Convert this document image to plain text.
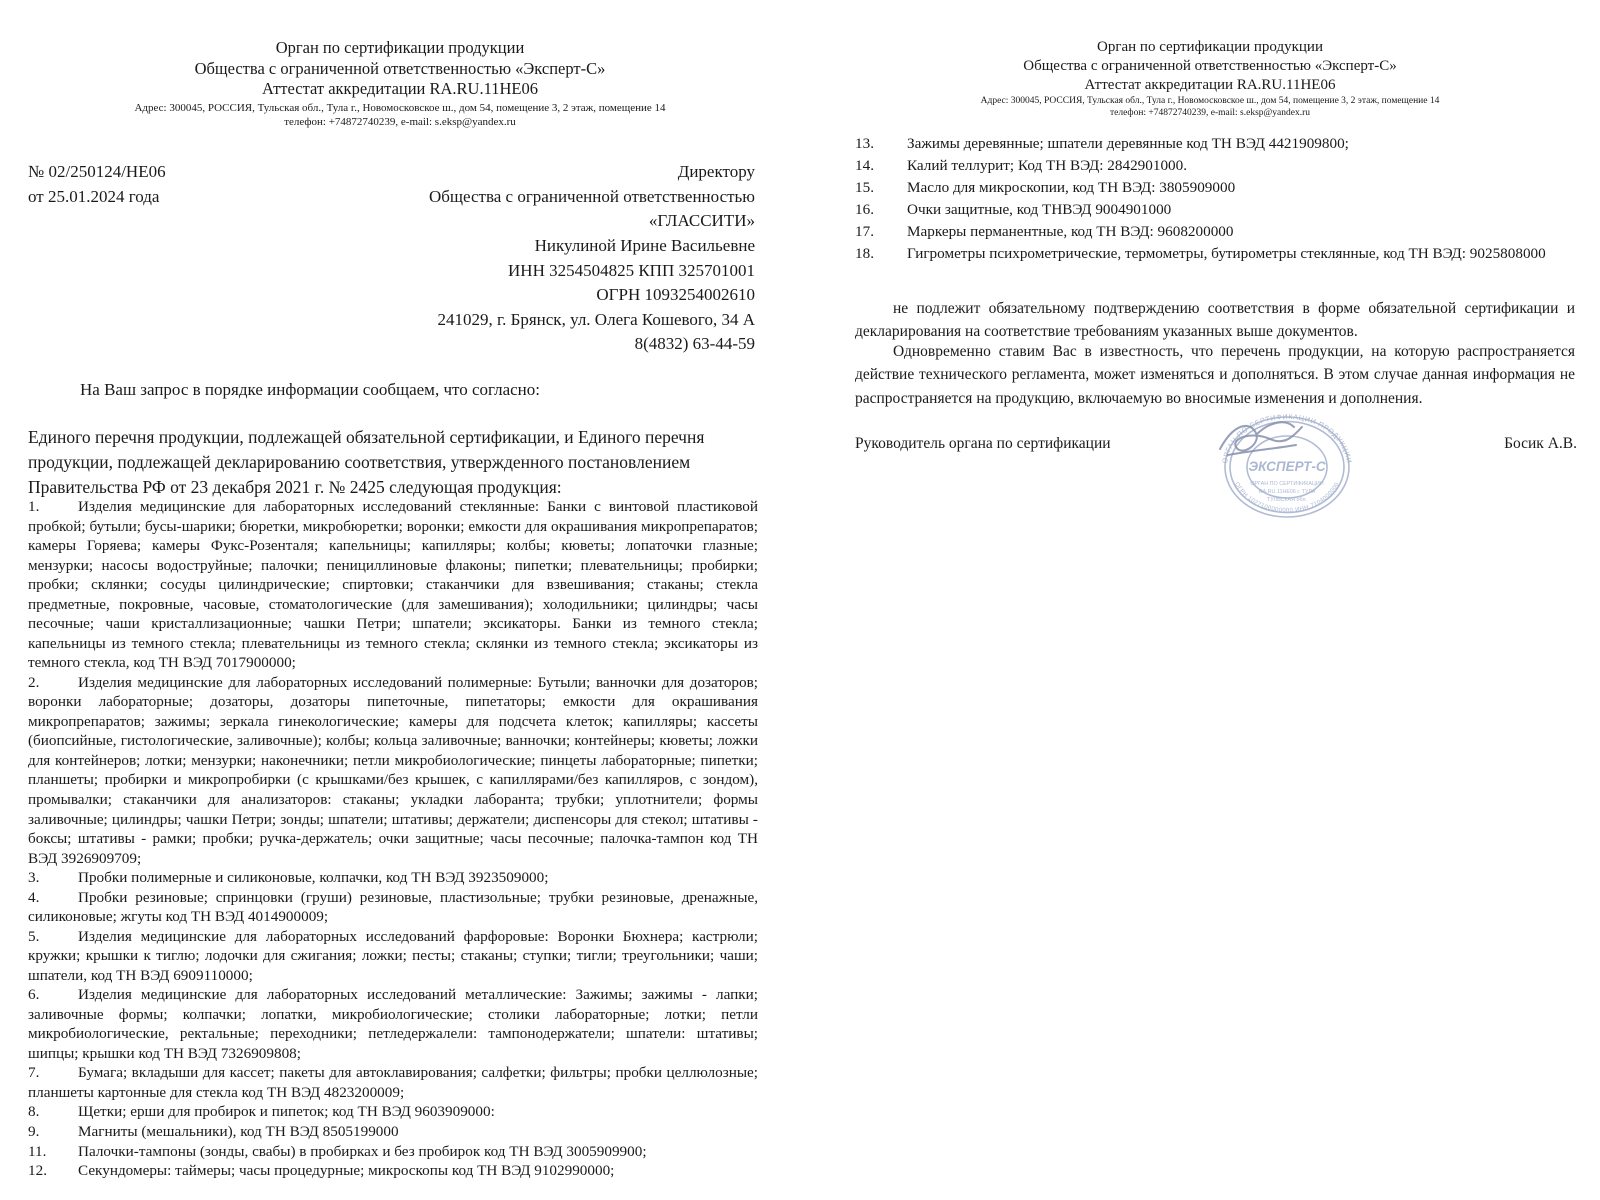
Орган по сертификации продукции
Общества с ограниченной ответственностью «Эксперт-С»
Аттестат аккредитации RA.RU.11НЕ06
Адрес: 300045, РОССИЯ, Тульская обл., Тула г., Новомосковское ш., дом 54, помещение 3, 2 этаж, помещение 14
телефон: +74872740239, e-mail: s.eksp@yandex.ru
№ 02/250124/НЕ06
от 25.01.2024 года
Директору
Общества с ограниченной ответственностью
«ГЛАССИТИ»
Никулиной Ирине Васильевне
ИНН 3254504825 КПП 325701001
ОГРН 1093254002610
241029, г. Брянск, ул. Олега Кошевого, 34 А
8(4832) 63-44-59
На Ваш запрос в порядке информации сообщаем, что согласно:
Единого перечня продукции, подлежащей обязательной сертификации, и Единого перечня продукции, подлежащей декларированию соответствия, утвержденного постановлением Правительства РФ от 23 декабря 2021 г. № 2425 следующая продукция:
1.	Изделия медицинские для лабораторных исследований стеклянные: Банки с винтовой пластиковой пробкой; бутыли; бусы-шарики; бюретки, микробюретки; воронки; емкости для окрашивания микропрепаратов; камеры Горяева; камеры Фукс-Розенталя; капельницы; капилляры; колбы; кюветы; лопаточки глазные; мензурки; насосы водоструйные; палочки; пенициллиновые флаконы; пипетки; плевательницы; пробирки; пробки; склянки; сосуды цилиндрические; спиртовки; стаканчики для взвешивания; стаканы; стекла предметные, покровные, часовые, стоматологические (для замешивания); холодильники; цилиндры; часы песочные; чаши кристаллизационные; чашки Петри; шпатели; эксикаторы. Банки из темного стекла; капельницы из темного стекла; плевательницы из темного стекла; склянки из темного стекла; эксикаторы из темного стекла, код ТН ВЭД 7017900000;
2.	Изделия медицинские для лабораторных исследований полимерные: Бутыли; ванночки для дозаторов; воронки лабораторные; дозаторы, дозаторы пипеточные, пипетаторы; емкости для окрашивания микропрепаратов; зажимы; зеркала гинекологические; камеры для подсчета клеток; капилляры; кассеты (биопсийные, гистологические, заливочные); колбы; кольца заливочные; ванночки; контейнеры; кюветы; ложки для контейнеров; лотки; мензурки; наконечники; петли микробиологические; пинцеты лабораторные; пипетки; планшеты; пробирки и микропробирки (с крышками/без крышек, с капиллярами/без капилляров, с зондом), промывалки; стаканчики для анализаторов: стаканы; укладки лаборанта; трубки; уплотнители; формы заливочные; цилиндры; чашки Петри; зонды; шпатели; штативы; держатели; диспенсоры для стекол; штативы - боксы; штативы - рамки; пробки; ручка-держатель; очки защитные; часы песочные; палочка-тампон код ТН ВЭД 3926909709;
3.	Пробки полимерные и силиконовые, колпачки, код ТН ВЭД 3923509000;
4.	Пробки резиновые; спринцовки (груши) резиновые, пластизольные; трубки резиновые, дренажные, силиконовые; жгуты код ТН ВЭД 4014900009;
5.	Изделия медицинские для лабораторных исследований фарфоровые: Воронки Бюхнера; кастрюли; кружки; крышки к тиглю; лодочки для сжигания; ложки; песты; стаканы; ступки; тигли; треугольники; чаши; шпатели, код ТН ВЭД 6909110000;
6.	Изделия медицинские для лабораторных исследований металлические: Зажимы; зажимы - лапки; заливочные формы; колпачки; лопатки, микробиологические; столики лабораторные; лотки; петли микробиологические, ректальные; переходники; петледержалели: тампонодержатели; шпатели: штативы; шипцы; крышки код ТН ВЭД 7326909808;
7.	Бумага; вкладыши для кассет; пакеты для автоклавирования; салфетки; фильтры; пробки целлюлозные; планшеты картонные для стекла код ТН ВЭД 4823200009;
8.	Щетки; ерши для пробирок и пипеток; код ТН ВЭД 9603909000:
9.	Магниты (мешальники), код ТН ВЭД 8505199000
11. Палочки-тампоны (зонды, свабы) в пробирках и без пробирок код ТН ВЭД 3005909900;
12. Секундомеры: таймеры; часы процедурные; микроскопы код ТН ВЭД 9102990000;
Орган по сертификации продукции
Общества с ограниченной ответственностью «Эксперт-С»
Аттестат аккредитации RA.RU.11НЕ06
Адрес: 300045, РОССИЯ, Тульская обл., Тула г., Новомосковское ш., дом 54, помещение 3, 2 этаж, помещение 14
телефон: +74872740239, e-mail: s.eksp@yandex.ru
13. Зажимы деревянные; шпатели деревянные код ТН ВЭД 4421909800;
14. Калий теллурит; Код ТН ВЭД: 2842901000.
15. Масло для микроскопии, код ТН ВЭД: 3805909000
16. Очки защитные, код ТНВЭД 9004901000
17. Маркеры перманентные, код ТН ВЭД: 9608200000
18. Гигрометры психрометрические, термометры, бутирометры стеклянные, код ТН ВЭД: 9025808000
не подлежит обязательному подтверждению соответствия в форме обязательной сертификации и декларирования на соответствие требованиям указанных выше документов.
Одновременно ставим Вас в известность, что перечень продукции, на которую распространяется действие технического регламента, может изменяться и дополняться. В этом случае данная информация не распространяется на продукцию, включаемую во вносимые изменения и дополнения.
Руководитель органа по сертификации	Босик А.В.
ОРГАН ПО СЕРТИФИКАЦИИ ПРОДУКЦИИ
ОГРН 1027100000000 ИНН 7104000000
ЭКСПЕРТ-С
ОРГАН ПО СЕРТИФИКАЦИИ
RA.RU.11НЕ06 г. ТУЛА
ТУЛЬСКАЯ обл.
